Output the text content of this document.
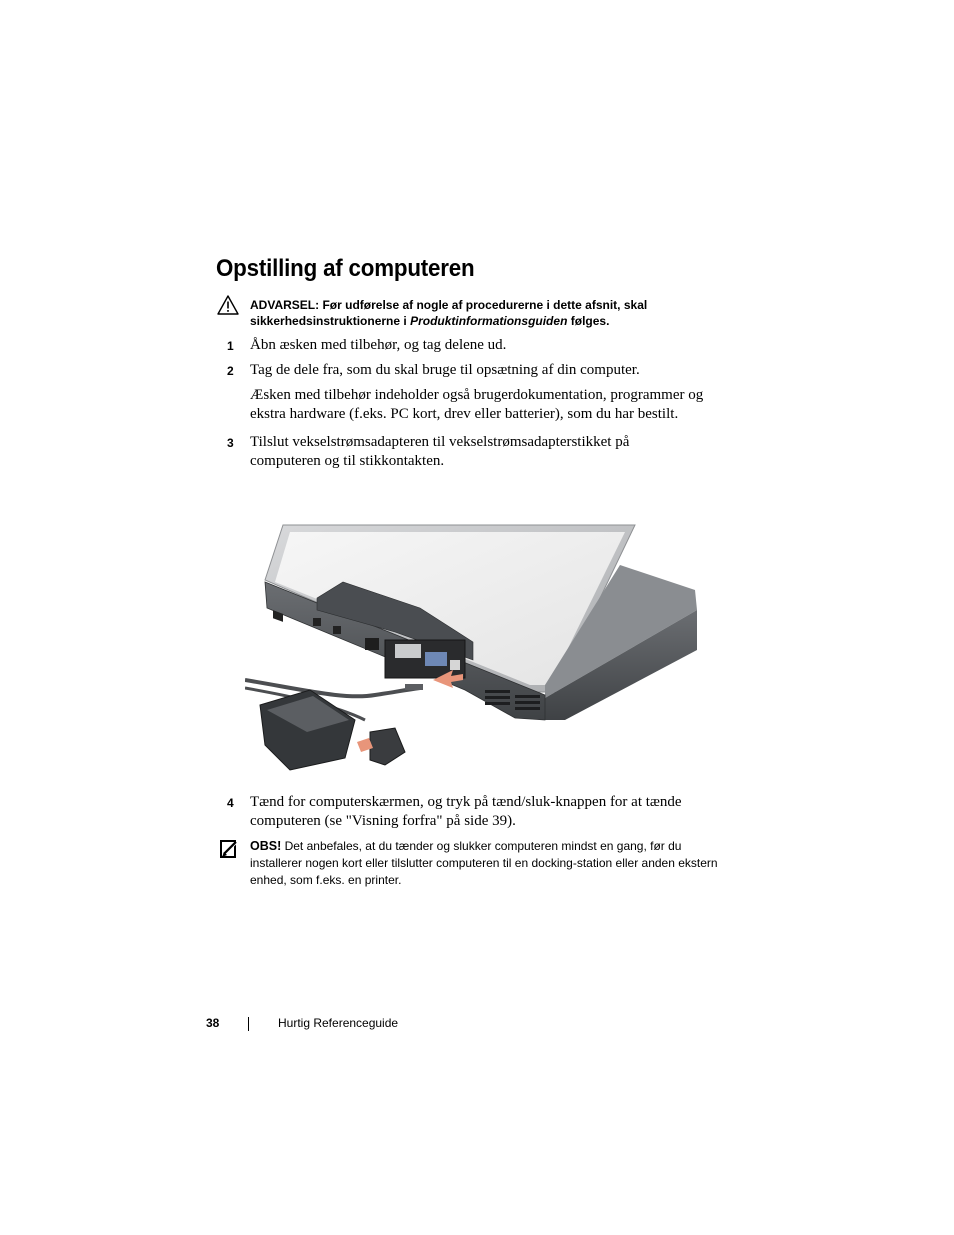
Opstilling af computeren
ADVARSEL: Før udførelse af nogle af procedurerne i dette afsnit, skal sikkerhedsinstruktionerne i Produktinformationsguiden følges.
1 Åbn æsken med tilbehør, og tag delene ud.
2 Tag de dele fra, som du skal bruge til opsætning af din computer.
Æsken med tilbehør indeholder også brugerdokumentation, programmer og ekstra hardware (f.eks. PC kort, drev eller batterier), som du har bestilt.
3 Tilslut vekselstrømsadapteren til vekselstrømsadapterstikket på computeren og til stikkontakten.
4 Tænd for computerskærmen, og tryk på tænd/sluk-knappen for at tænde computeren (se "Visning forfra" på side 39).
OBS! Det anbefales, at du tænder og slukker computeren mindst en gang, før du installerer nogen kort eller tilslutter computeren til en docking-station eller anden ekstern enhed, som f.eks. en printer.
38	Hurtig Referenceguide
